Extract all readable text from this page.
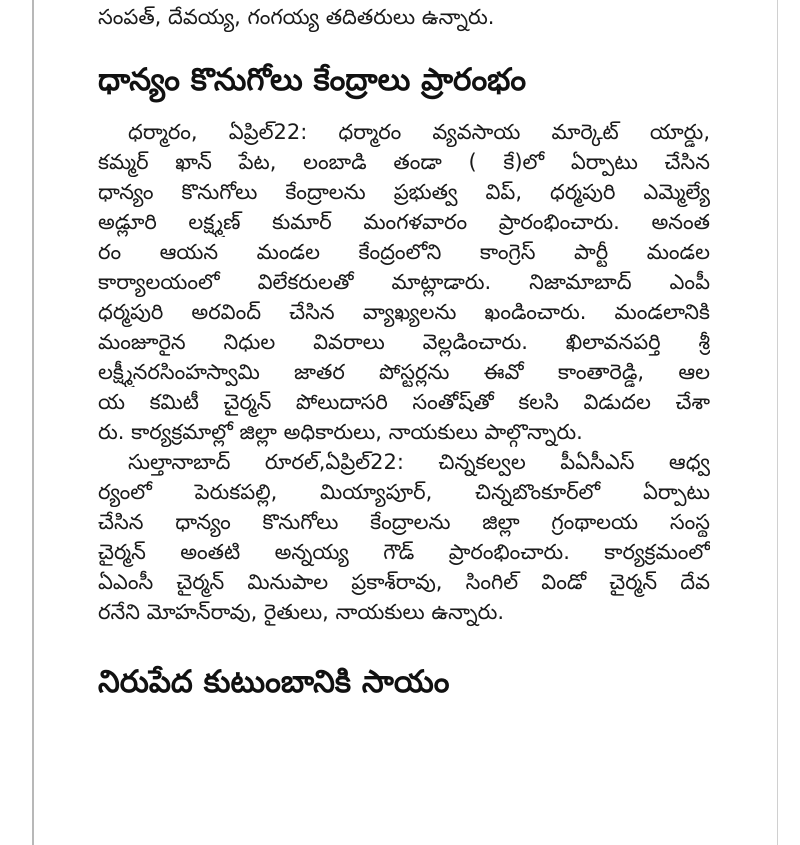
సంపత్, దేవయ్య, గంగయ్య తదితరులు ఉన్నారు.
ధాన్యం కొనుగోలు కేంద్రాలు ప్రారంభం
ధర్మారం, ఏప్రిల్22: ధర్మారం వ్యవసాయ మార్కెట్ యార్డు,
కమ్మర్ ఖాన్ పేట, లంబాడి తండా ( కే)లో ఏర్పాటు చేసిన
ధాన్యం కొనుగోలు కేంద్రాలను ప్రభుత్వ విప్, ధర్మపురి ఎమ్మెల్యే
అడ్లూరి లక్ష్మణ్ కుమార్ మంగళవారం ప్రారంభించారు. అనంత
రం ఆయన మండల కేంద్రంలోని కాంగ్రెస్ పార్టీ మండల
కార్యాలయంలో విలేకరులతో మాట్లాడారు. నిజామాబాద్ ఎంపీ
ధర్మపురి అరవింద్ చేసిన వ్యాఖ్యలను ఖండించారు. మండలానికి
మంజూరైన నిధుల వివరాలు వెల్లడించారు. ఖిలావనపర్తి శ్రీ
లక్ష్మీనరసింహస్వామి జాతర పోస్టర్లను ఈవో కాంతారెడ్డి, ఆల
య కమిటీ చైర్మన్ పోలుదాసరి సంతోష్‌తో కలసి విడుదల చేశా
రు. కార్యక్రమాల్లో జిల్లా అధికారులు, నాయకులు పాల్గొన్నారు.
సుల్తానాబాద్ రూరల్,ఏప్రిల్22: చిన్నకల్వల పీఏసీఎస్ ఆధ్వ
ర్యంలో పెరుకపల్లి, మియ్యాపూర్, చిన్నబొంకూర్‌లో ఏర్పాటు
చేసిన ధాన్యం కొనుగోలు కేంద్రాలను జిల్లా గ్రంథాలయ సంస్థ
చైర్మన్ అంతటి అన్నయ్య గౌడ్ ప్రారంభించారు. కార్యక్రమంలో
ఏఎంసీ చైర్మన్ మినుపాల ప్రకాశ్‌రావు, సింగిల్ విండో చైర్మన్ దేవ
రనేని మోహన్‌రావు, రైతులు, నాయకులు ఉన్నారు.
నిరుపేద కుటుంబానికి సాయం
